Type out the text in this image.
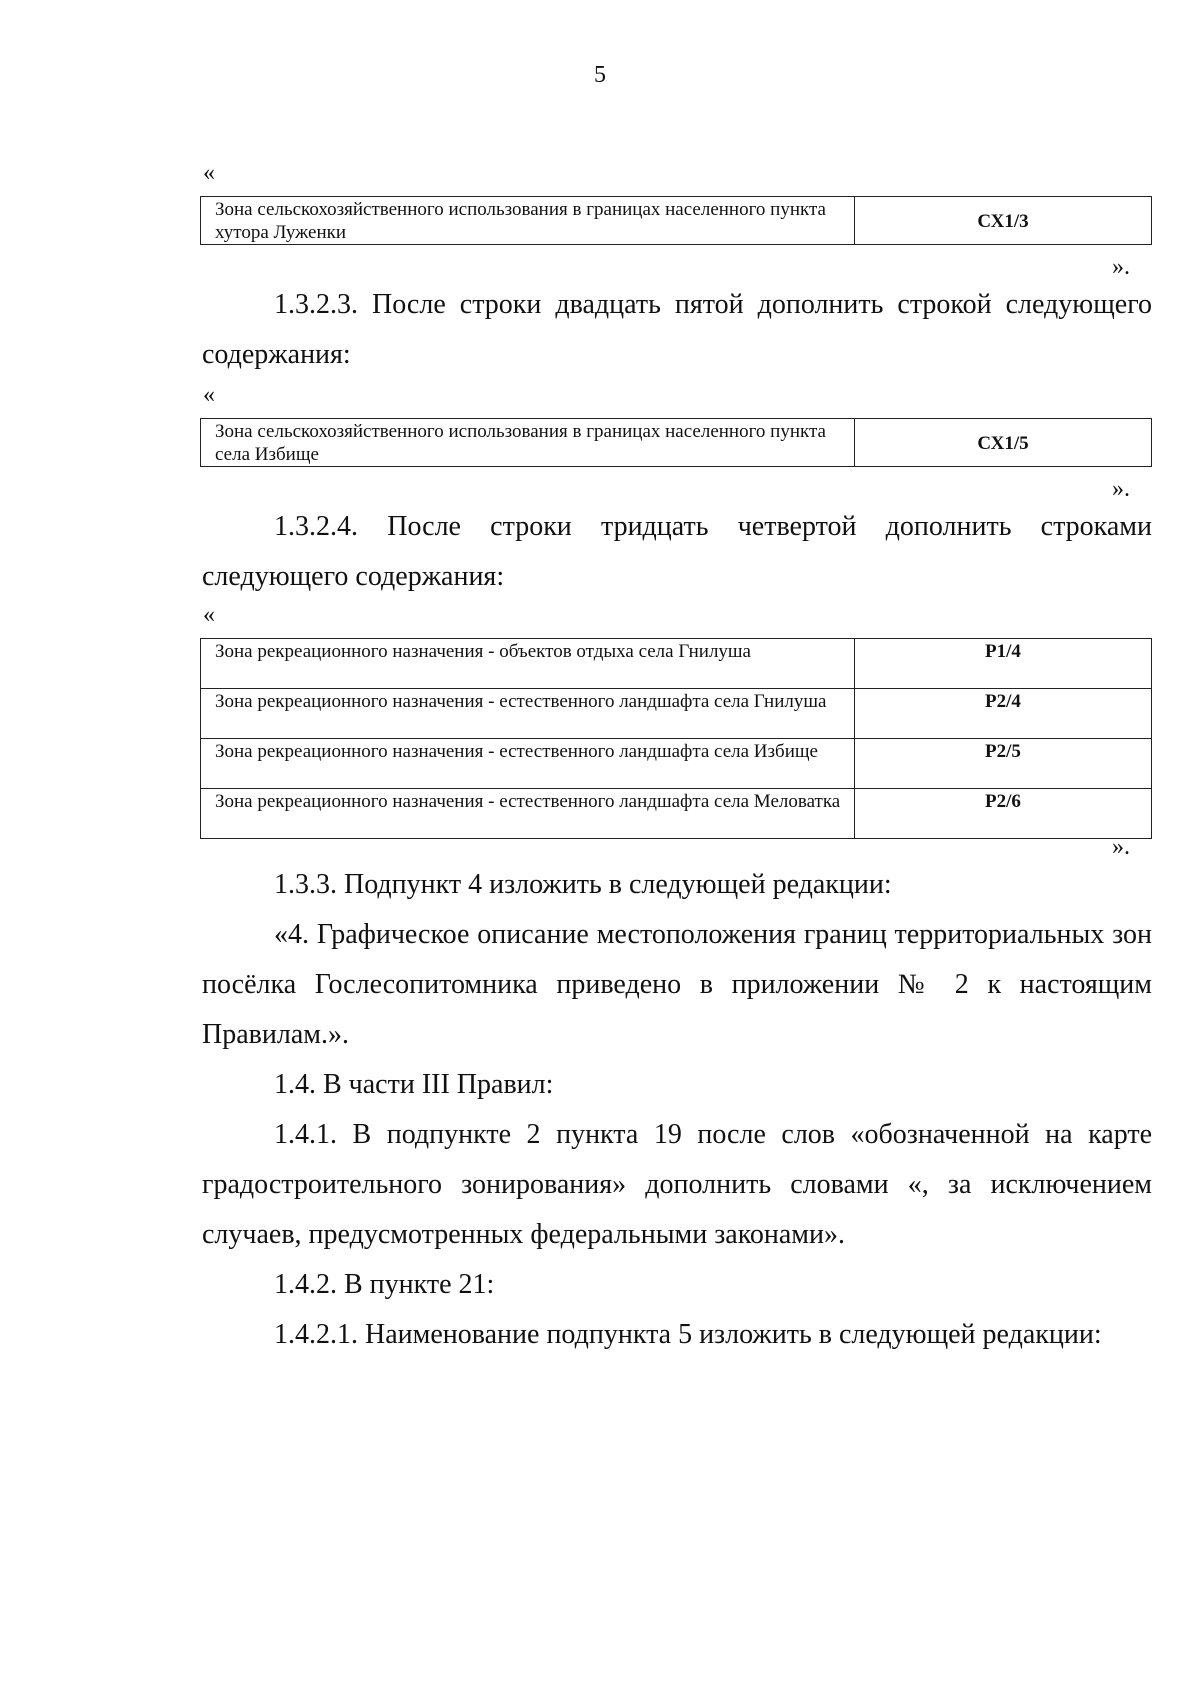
5
«
Зона сельскохозяйственного использования в границах населенного пункта хутора Луженки	СХ1/3
».

1.3.2.3. После строки двадцать пятой дополнить строкой следующего содержания:

«
Зона сельскохозяйственного использования в границах населенного пункта села Избище	СХ1/5
».

1.3.2.4. После строки тридцать четвертой дополнить строками следующего содержания:

«
Зона рекреационного назначения - объектов отдыха села Гнилуша	Р1/4
Зона рекреационного назначения - естественного ландшафта села Гнилуша	Р2/4
Зона рекреационного назначения - естественного ландшафта села Избище	Р2/5
Зона рекреационного назначения - естественного ландшафта села Меловатка	Р2/6
».

1.3.3. Подпункт 4 изложить в следующей редакции:

«4. Графическое описание местоположения границ территориальных зон посёлка Гослесопитомника приведено в приложении № 2 к настоящим Правилам.».

1.4. В части III Правил:

1.4.1. В подпункте 2 пункта 19 после слов «обозначенной на карте градостроительного зонирования» дополнить словами «, за исключением случаев, предусмотренных федеральными законами».

1.4.2. В пункте 21:

1.4.2.1. Наименование подпункта 5 изложить в следующей редакции:
